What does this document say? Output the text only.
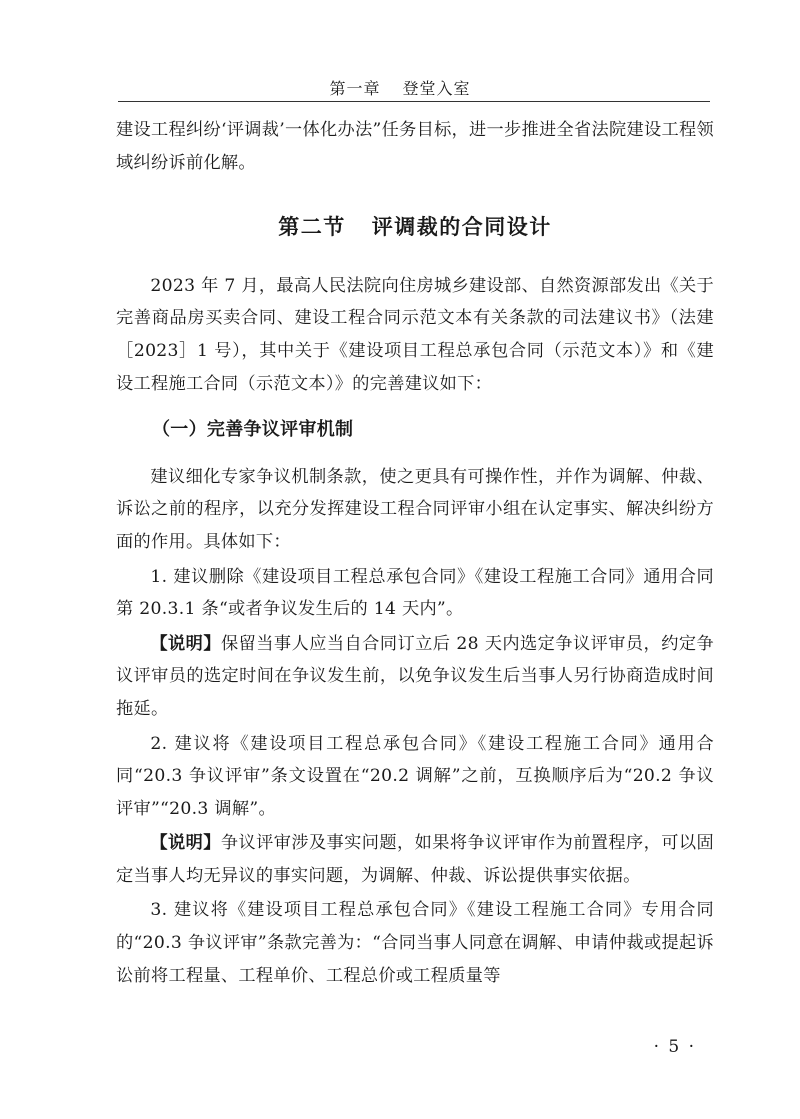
第一章 登堂入室

建设工程纠纷‘评调裁’一体化办法”任务目标，进一步推进全省法院建设工程领域纠纷诉前化解。

第二节 评调裁的合同设计

2023 年 7 月，最高人民法院向住房城乡建设部、自然资源部发出《关于完善商品房买卖合同、建设工程合同示范文本有关条款的司法建议书》（法建［2023］1 号），其中关于《建设项目工程总承包合同（示范文本）》和《建设工程施工合同（示范文本）》的完善建议如下：

（一）完善争议评审机制

建议细化专家争议机制条款，使之更具有可操作性，并作为调解、仲裁、诉讼之前的程序，以充分发挥建设工程合同评审小组在认定事实、解决纠纷方面的作用。具体如下：

1. 建议删除《建设项目工程总承包合同》《建设工程施工合同》通用合同第 20.3.1 条“或者争议发生后的 14 天内”。

【说明】保留当事人应当自合同订立后 28 天内选定争议评审员，约定争议评审员的选定时间在争议发生前，以免争议发生后当事人另行协商造成时间拖延。

2. 建议将《建设项目工程总承包合同》《建设工程施工合同》通用合同“20.3 争议评审”条文设置在“20.2 调解”之前，互换顺序后为“20.2 争议评审”“20.3 调解”。

【说明】争议评审涉及事实问题，如果将争议评审作为前置程序，可以固定当事人均无异议的事实问题，为调解、仲裁、诉讼提供事实依据。

3. 建议将《建设项目工程总承包合同》《建设工程施工合同》专用合同的“20.3 争议评审”条款完善为：“合同当事人同意在调解、申请仲裁或提起诉讼前将工程量、工程单价、工程总价或工程质量等

· 5 ·
